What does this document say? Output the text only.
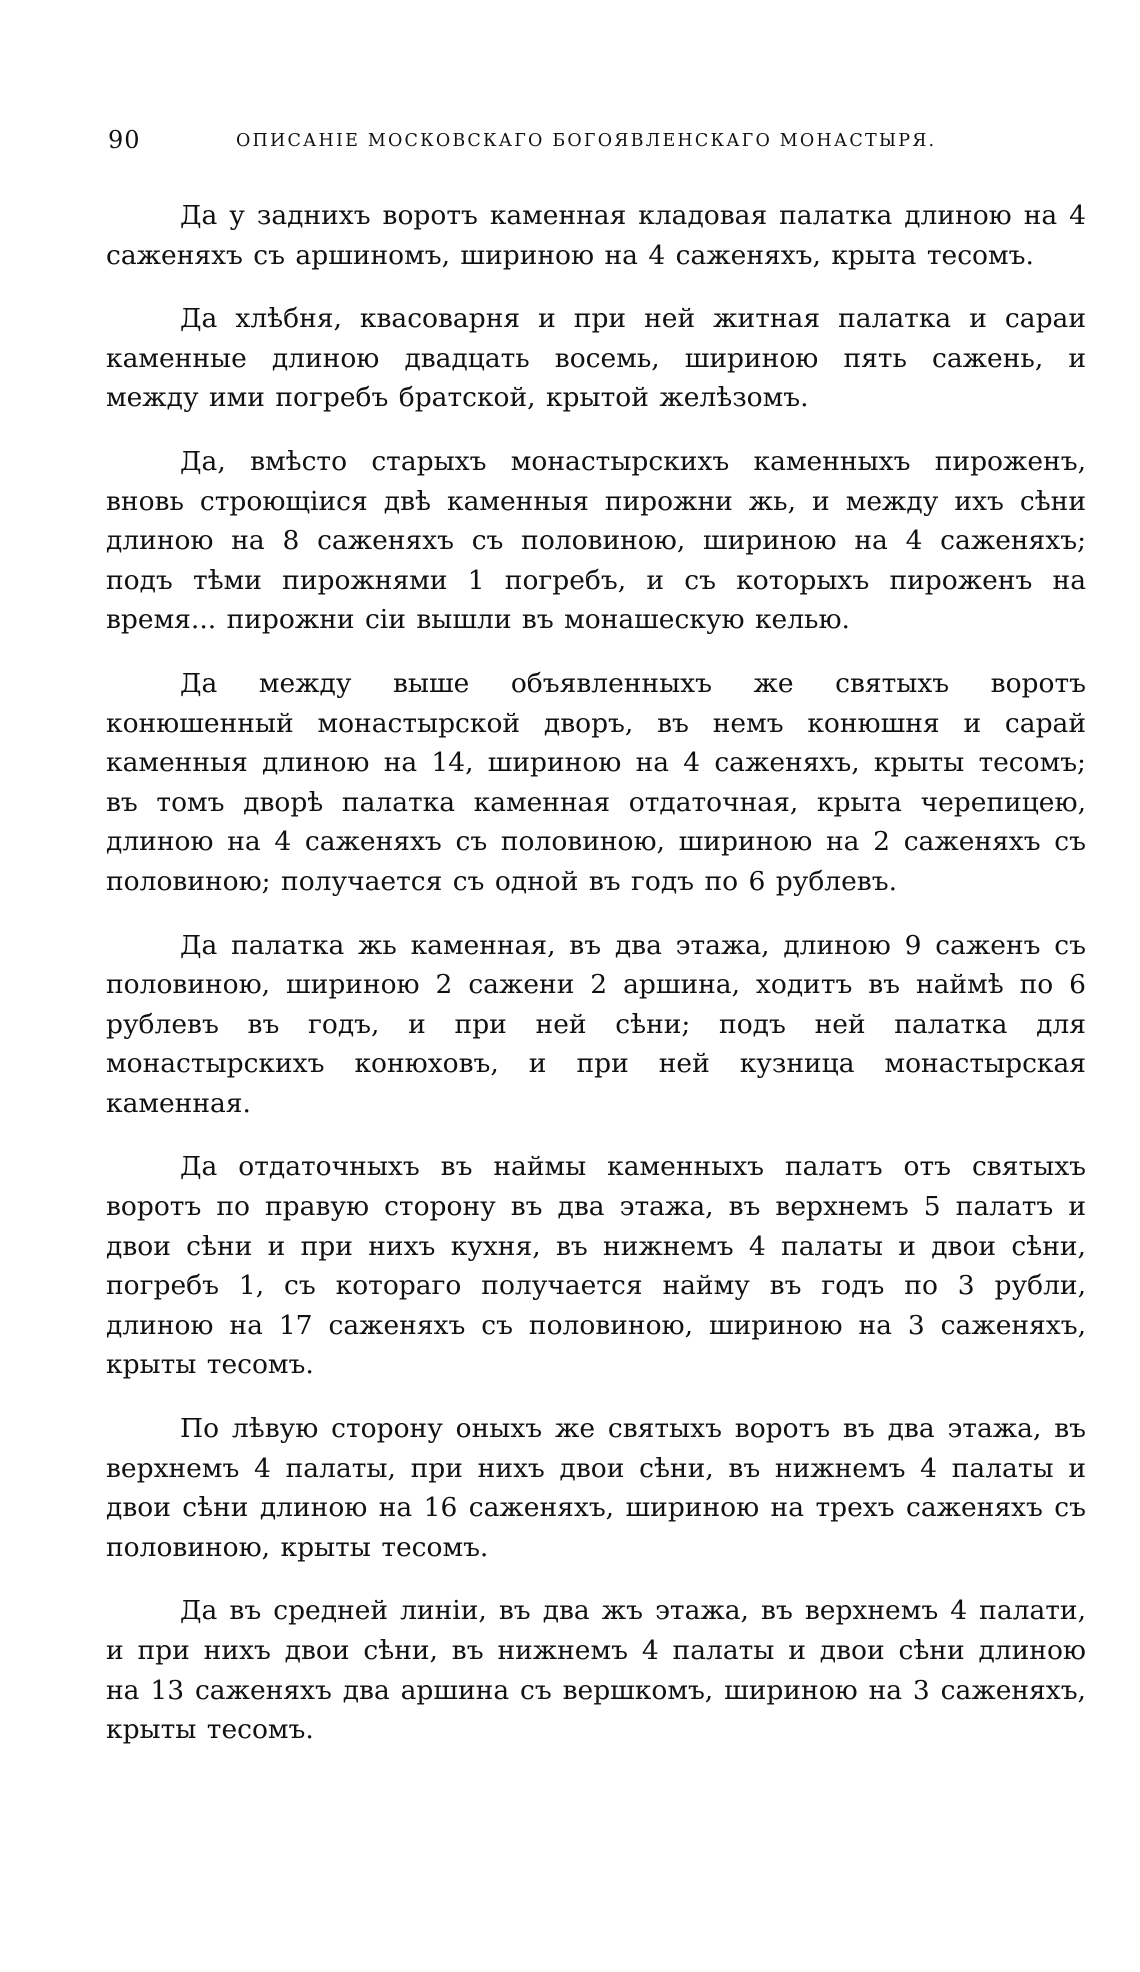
90	ОПИСАНІЕ МОСКОВСКАГО БОГОЯВЛЕНСКАГО МОНАСТЫРЯ.

Да у заднихъ воротъ каменная кладовая палатка длиною на 4 саженяхъ съ аршиномъ, шириною на 4 саженяхъ, крыта тесомъ.

Да хлѣбня, квасоварня и при ней житная палатка и сараи каменные длиною двадцать восемь, шириною пять сажень, и между ими погребъ братской, крытой желѣзомъ.

Да, вмѣсто старыхъ монастырскихъ каменныхъ пироженъ, вновь строющіися двѣ каменныя пирожни жь, и между ихъ сѣни длиною на 8 саженяхъ съ половиною, шириною на 4 саженяхъ; подъ тѣми пирожнями 1 погребъ, и съ которыхъ пироженъ на время... пирожни сіи вышли въ монашескую келью.

Да между выше объявленныхъ же святыхъ воротъ конюшенный монастырской дворъ, въ немъ конюшня и сарай каменныя длиною на 14, шириною на 4 саженяхъ, крыты тесомъ; въ томъ дворѣ палатка каменная отдаточная, крыта черепицею, длиною на 4 саженяхъ съ половиною, шириною на 2 саженяхъ съ половиною; получается съ одной въ годъ по 6 рублевъ.

Да палатка жь каменная, въ два этажа, длиною 9 саженъ съ половиною, шириною 2 сажени 2 аршина, ходитъ въ наймѣ по 6 рублевъ въ годъ, и при ней сѣни; подъ ней палатка для монастырскихъ конюховъ, и при ней кузница монастырская каменная.

Да отдаточныхъ въ наймы каменныхъ палатъ отъ святыхъ воротъ по правую сторону въ два этажа, въ верхнемъ 5 палатъ и двои сѣни и при нихъ кухня, въ нижнемъ 4 палаты и двои сѣни, погребъ 1, съ котораго получается найму въ годъ по 3 рубли, длиною на 17 саженяхъ съ половиною, шириною на 3 саженяхъ, крыты тесомъ.

По лѣвую сторону оныхъ же святыхъ воротъ въ два этажа, въ верхнемъ 4 палаты, при нихъ двои сѣни, въ нижнемъ 4 палаты и двои сѣни длиною на 16 саженяхъ, шириною на трехъ саженяхъ съ половиною, крыты тесомъ.

Да въ средней линіи, въ два жъ этажа, въ верхнемъ 4 палати, и при нихъ двои сѣни, въ нижнемъ 4 палаты и двои сѣни длиною на 13 саженяхъ два аршина съ вершкомъ, шириною на 3 саженяхъ, крыты тесомъ.
